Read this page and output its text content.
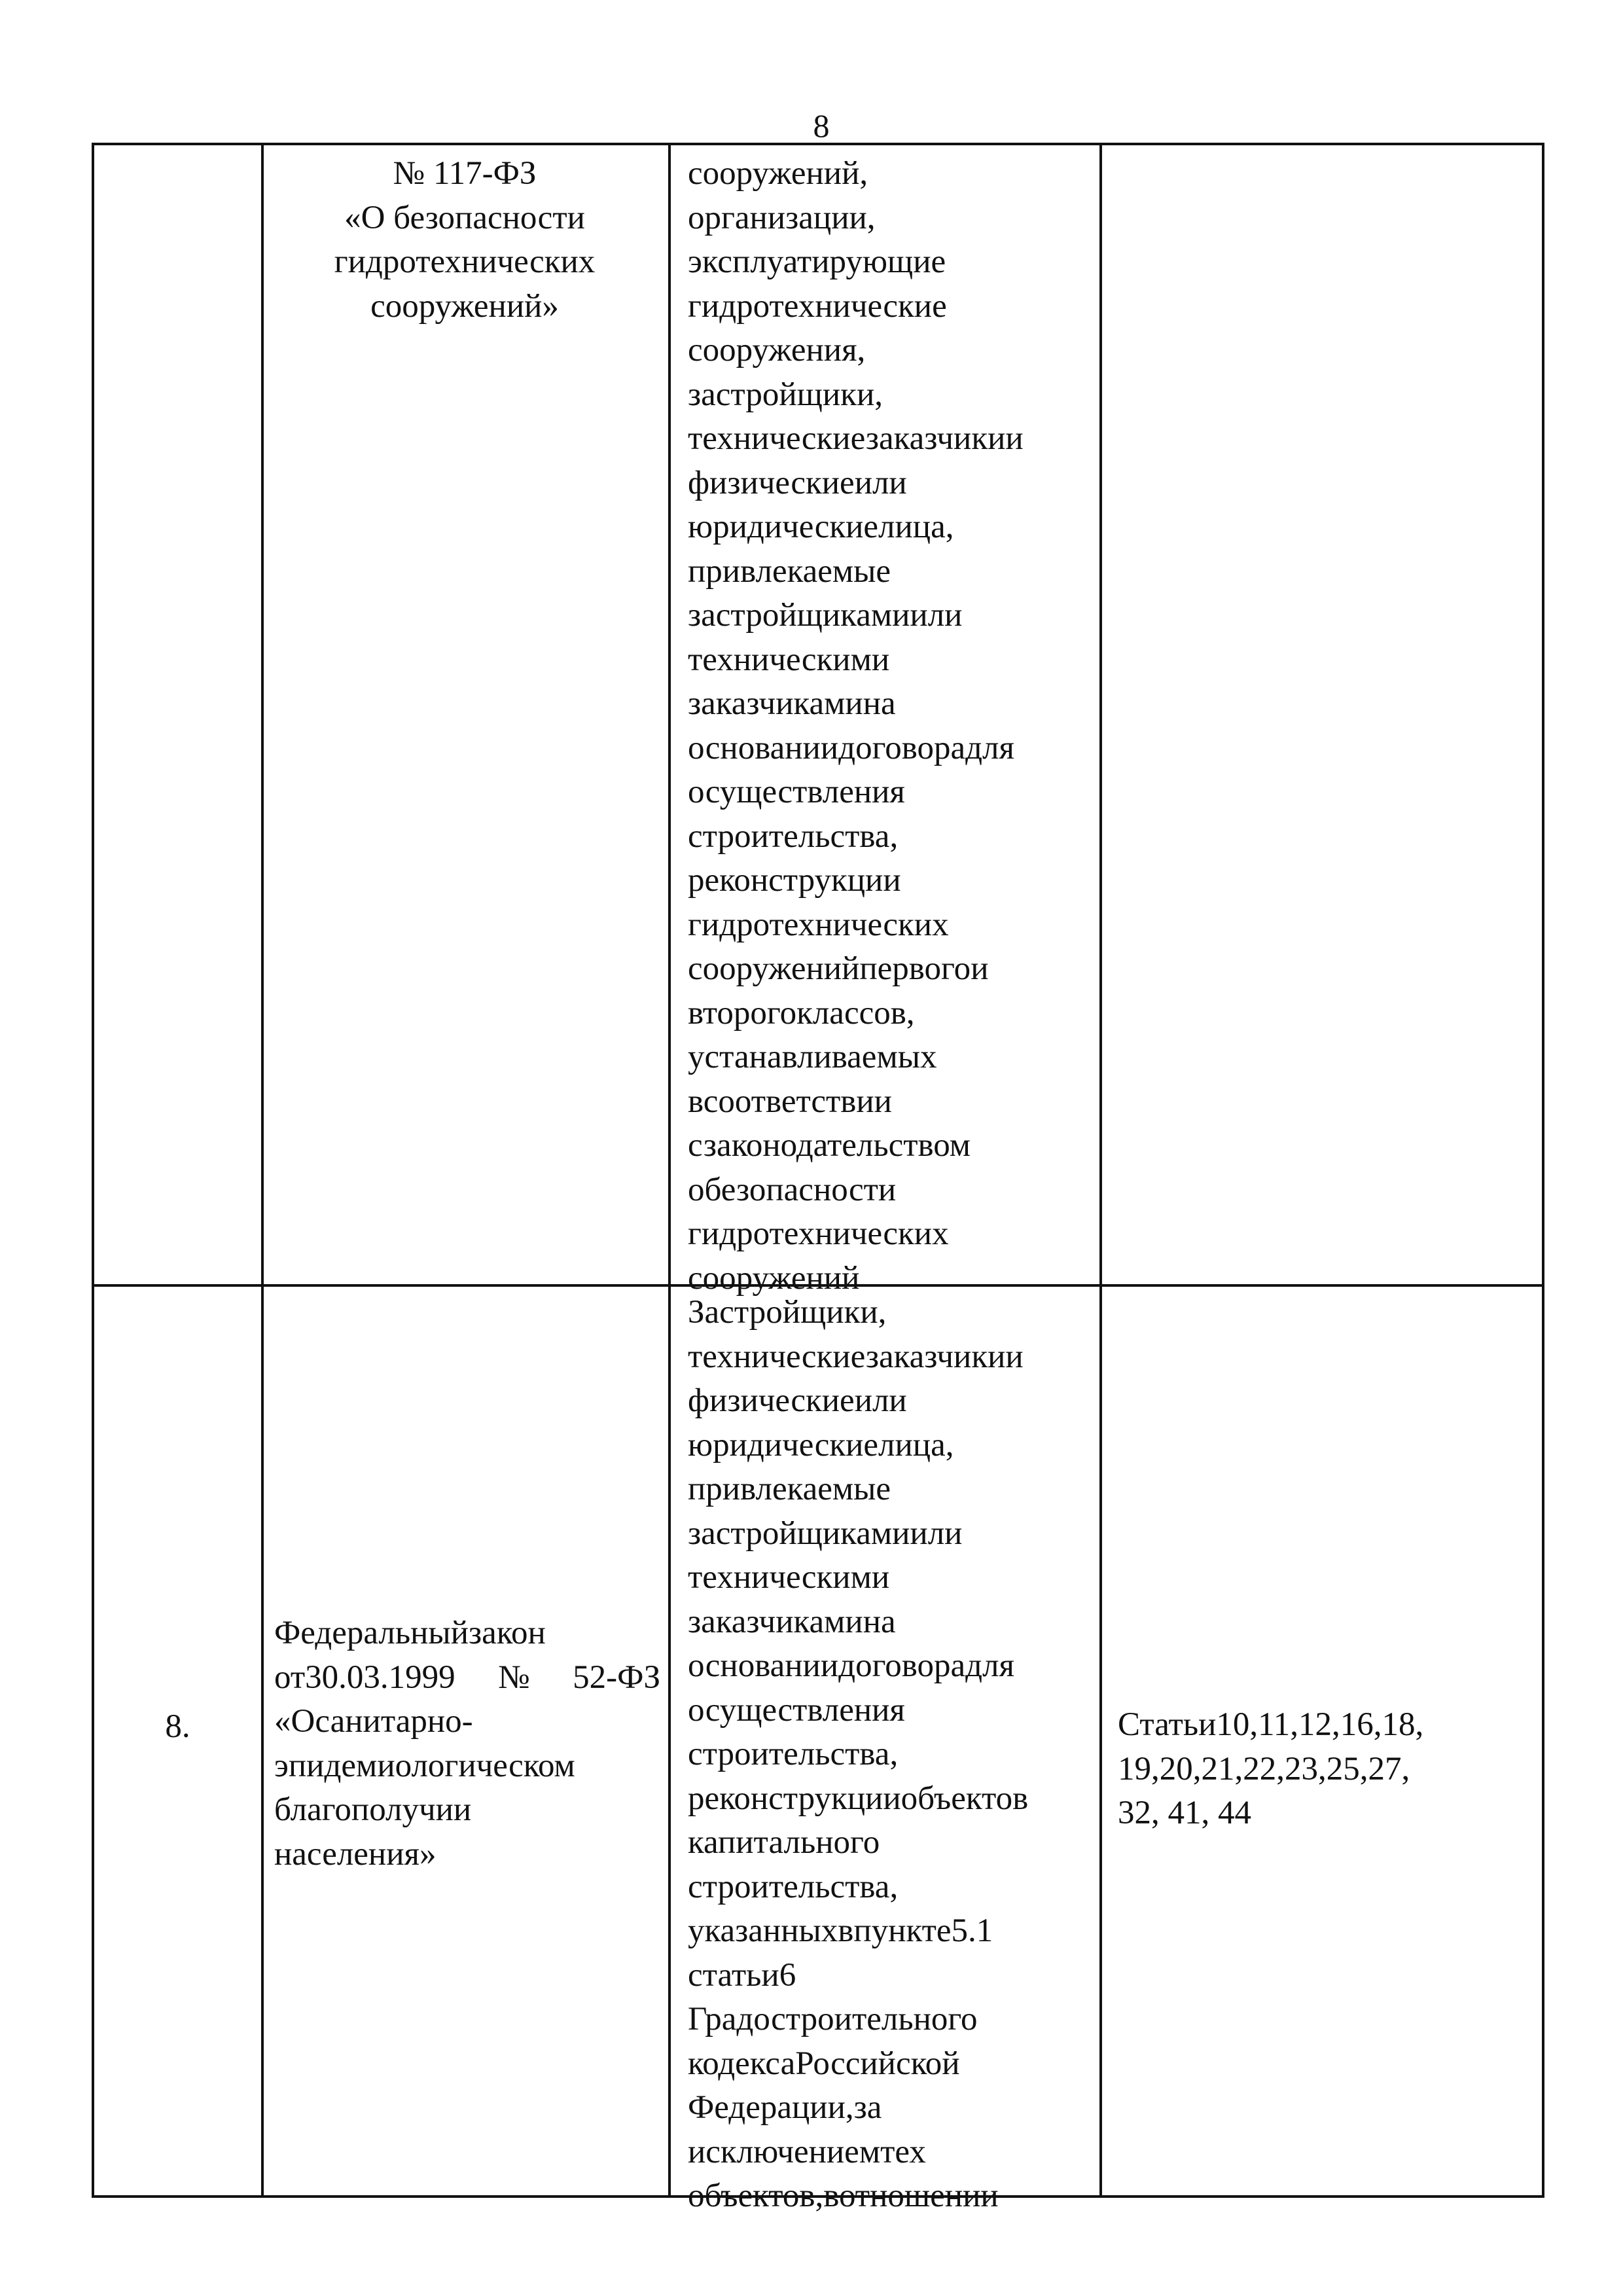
8
№ 117-ФЗ
«О безопасности
гидротехнических
сооружений»
сооружений,
организации,
эксплуатирующие
гидротехнические
сооружения,
застройщики,
техническиезаказчикии
физическиеили
юридическиелица,
привлекаемые
застройщикамиили
техническими
заказчикамина
основаниидоговорадля
осуществления
строительства,
реконструкции
гидротехнических
сооруженийпервогои
второгоклассов,
устанавливаемых
всоответствии
сзаконодательством
обезопасности
гидротехнических
сооружений
8.
Федеральныйзакон
от30.03.1999№52-ФЗ
«Осанитарно-
эпидемиологическом
благополучии
населения»
Застройщики,
техническиезаказчикии
физическиеили
юридическиелица,
привлекаемые
застройщикамиили
техническими
заказчикамина
основаниидоговорадля
осуществления
строительства,
реконструкцииобъектов
капитального
строительства,
указанныхвпункте5.1
статьи6
Градостроительного
кодексаРоссийской
Федерации,за
исключениемтех
объектов,вотношении
Статьи10,11,12,16,18,
19,20,21,22,23,25,27,
32, 41, 44
